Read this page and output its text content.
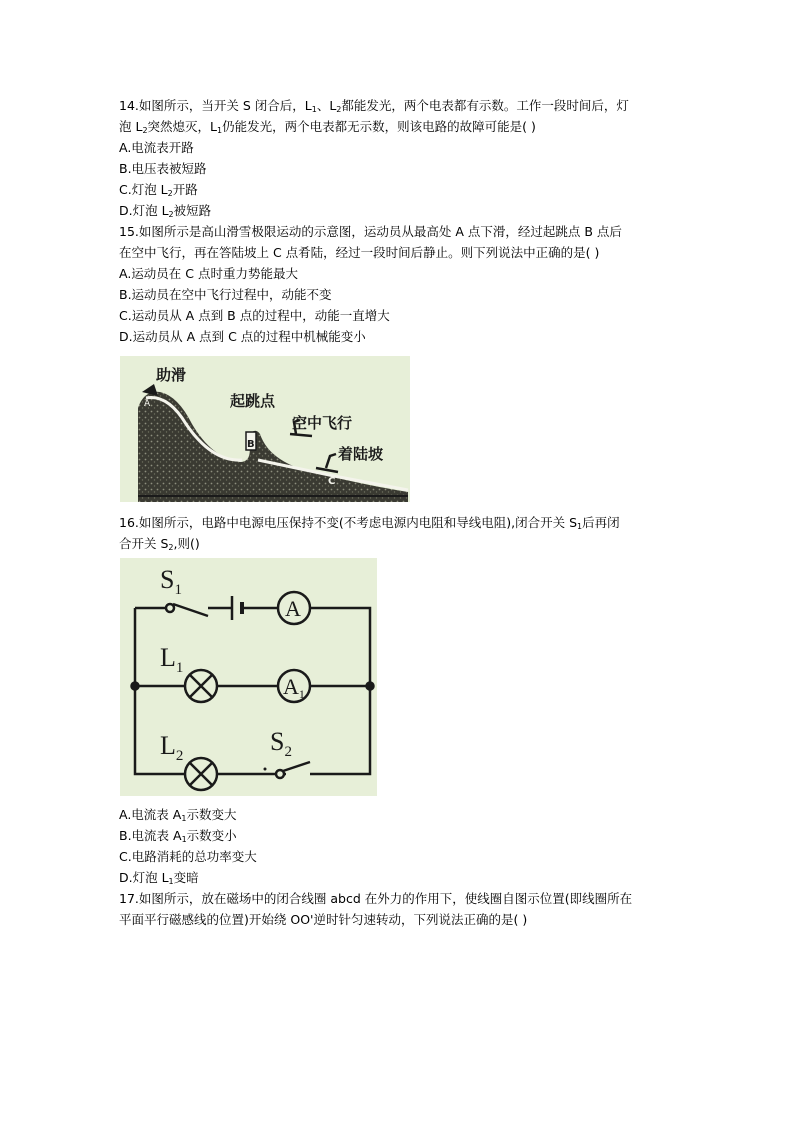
14.如图所示，当开关 S 闭合后，$L_1$、$L_2$都能发光，两个电表都有示数。工作一段时间后，灯
泡 $L_2$突然熄灭，$L_1$仍能发光，两个电表都无示数，则该电路的故障可能是( )
A.电流表开路
B.电压表被短路
C.灯泡 $L_2$开路
D.灯泡 $L_2$被短路
15.如图所示是高山滑雪极限运动的示意图，运动员从最高处 A 点下滑，经过起跳点 B 点后
在空中飞行，再在答陆坡上 C 点肴陆，经过一段时间后静止。则下列说法中正确的是( )
A.运动员在 C 点时重力势能最大
B.运动员在空中飞行过程中，动能不变
C.运动员从 A 点到 B 点的过程中，动能一直增大
D.运动员从 A 点到 C 点的过程中机械能变小
助滑
起跳点
空中飞行
着陆坡
A
B
C
16.如图所示，电路中电源电压保持不变(不考虑电源内电阻和导线电阻),闭合开关 $S_1$后再闭
合开关 $S_2$,则()
$S_1$
$L_1$
$L_2$	$S_2$
A
A1
A.电流表 $A_1$示数变大
B.电流表 $A_1$示数变小
C.电路消耗的总功率变大
D.灯泡 $L_1$变暗
17.如图所示，放在磁场中的闭合线圈 abcd 在外力的作用下，使线圈自图示位置(即线圈所在
平面平行磁感线的位置)开始绕 OO'逆时针匀速转动，下列说法正确的是( )
